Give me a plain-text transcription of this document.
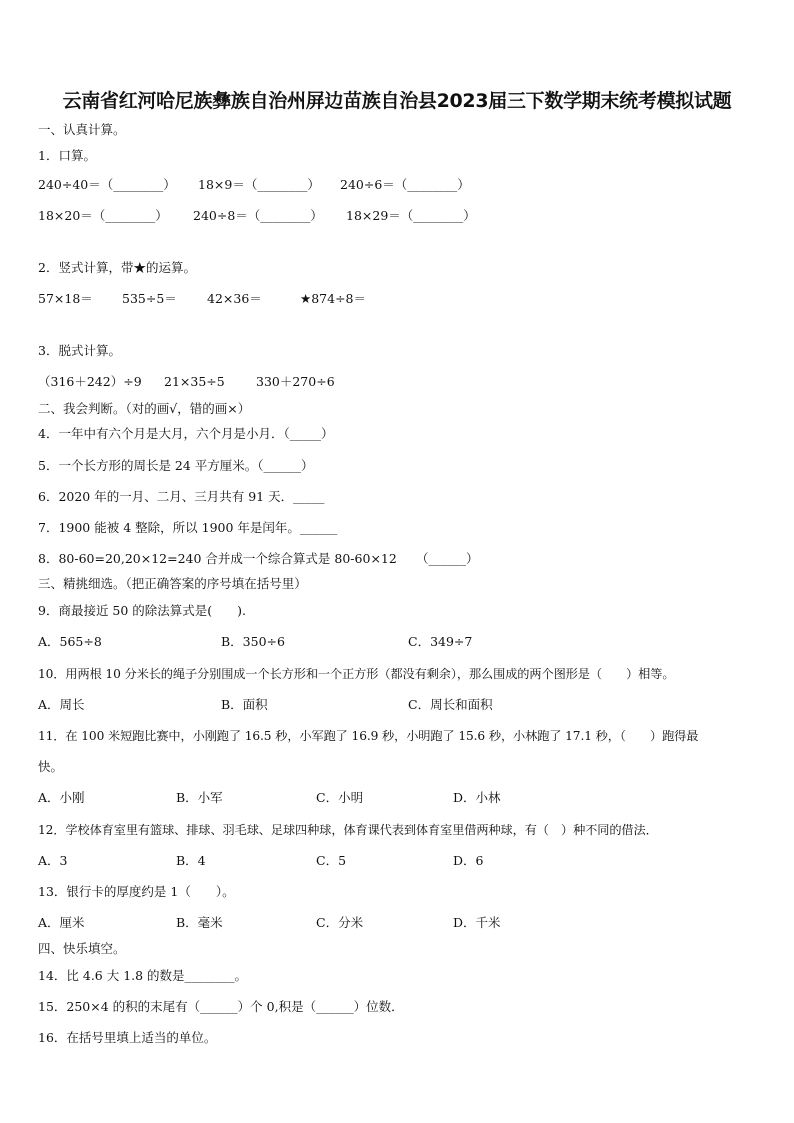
云南省红河哈尼族彝族自治州屏边苗族自治县2023届三下数学期末统考模拟试题
一、认真计算。
1．口算。
240÷40＝（________） 18×9＝（________） 240÷6＝（________）
18×20＝（________） 240÷8＝（________） 18×29＝（________）
2．竖式计算，带★的运算。
57×18＝ 535÷5＝ 42×36＝	★874÷8＝
3．脱式计算。
（316＋242）÷9 21×35÷5	330＋270÷6
二、我会判断。（对的画√，错的画×）
4．一年中有六个月是大月，六个月是小月．（_____）
5．一个长方形的周长是 24 平方厘米。（______）
6．2020 年的一月、二月、三月共有 91 天．_____
7．1900 能被 4 整除，所以 1900 年是闰年。______
8．80-60=20,20×12=240 合并成一个综合算式是 80-60×12 （______）
三、精挑细选。（把正确答案的序号填在括号里）
9．商最接近 50 的除法算式是(　　).
A．565÷8	B．350÷6	C．349÷7
10．用两根 10 分米长的绳子分别围成一个长方形和一个正方形（都没有剩余），那么围成的两个图形是（　　）相等。
A．周长	B．面积	C．周长和面积
11．在 100 米短跑比赛中，小刚跑了 16.5 秒，小军跑了 16.9 秒，小明跑了 15.6 秒，小林跑了 17.1 秒，（　　）跑得最
快。
A．小刚	B．小军	C．小明	D．小林
12．学校体育室里有篮球、排球、羽毛球、足球四种球，体育课代表到体育室里借两种球，有（　）种不同的借法．
A．3	B．4	C．5	D．6
13．银行卡的厚度约是 1（　　）。
A．厘米	B．毫米	C．分米	D．千米
四、快乐填空。
14．比 4.6 大 1.8 的数是________。
15．250×4 的积的末尾有（______）个 0,积是（______）位数．
16．在括号里填上适当的单位。
